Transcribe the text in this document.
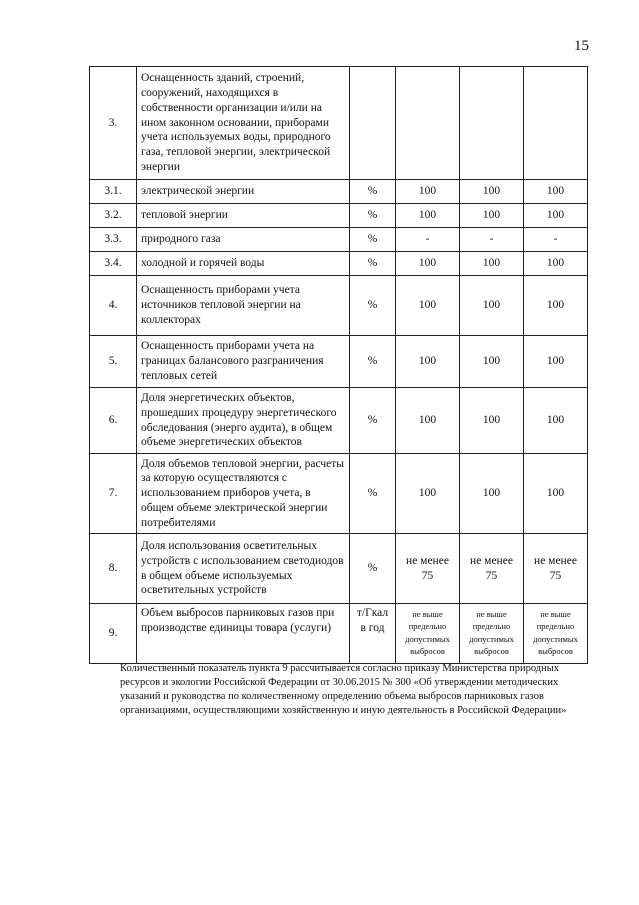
15
3.	Оснащенность зданий, строений, сооружений, находящихся в собственности организации и/или на ином законном основании, приборами учета используемых воды, природного газа, тепловой энергии, электрической энергии				
3.1.	электрической энергии	%	100	100	100
3.2.	тепловой энергии	%	100	100	100
3.3.	природного газа	%	-	-	-
3.4.	холодной и горячей воды	%	100	100	100
4.	Оснащенность приборами учета источников тепловой энергии на коллекторах	%	100	100	100
5.	Оснащенность приборами учета на границах балансового разграничения тепловых сетей	%	100	100	100
6.	Доля энергетических объектов, прошедших процедуру энергетического обследования (энерго аудита), в общем объеме энергетических объектов	%	100	100	100
7.	Доля объемов тепловой энергии, расчеты за которую осуществляются с использованием приборов учета, в общем объеме электрической энергии потребителями	%	100	100	100
8.	Доля использования осветительных устройств с использованием светодиодов в общем объеме используемых осветительных устройств	%	не менее 75	не менее 75	не менее 75
9.	Объем выбросов парниковых газов при производстве единицы товара (услуги)	т/Гкал в год	не выше предельно допустимых выбросов	не выше предельно допустимых выбросов	не выше предельно допустимых выбросов
Количественный показатель пункта 9 рассчитывается согласно приказу Министерства природных ресурсов и экологии Российской Федерации от 30.06.2015 № 300 «Об утверждении методических указаний и руководства по количественному определению объема выбросов парниковых газов организациями, осуществляющими хозяйственную и иную деятельность в Российской Федерации»
